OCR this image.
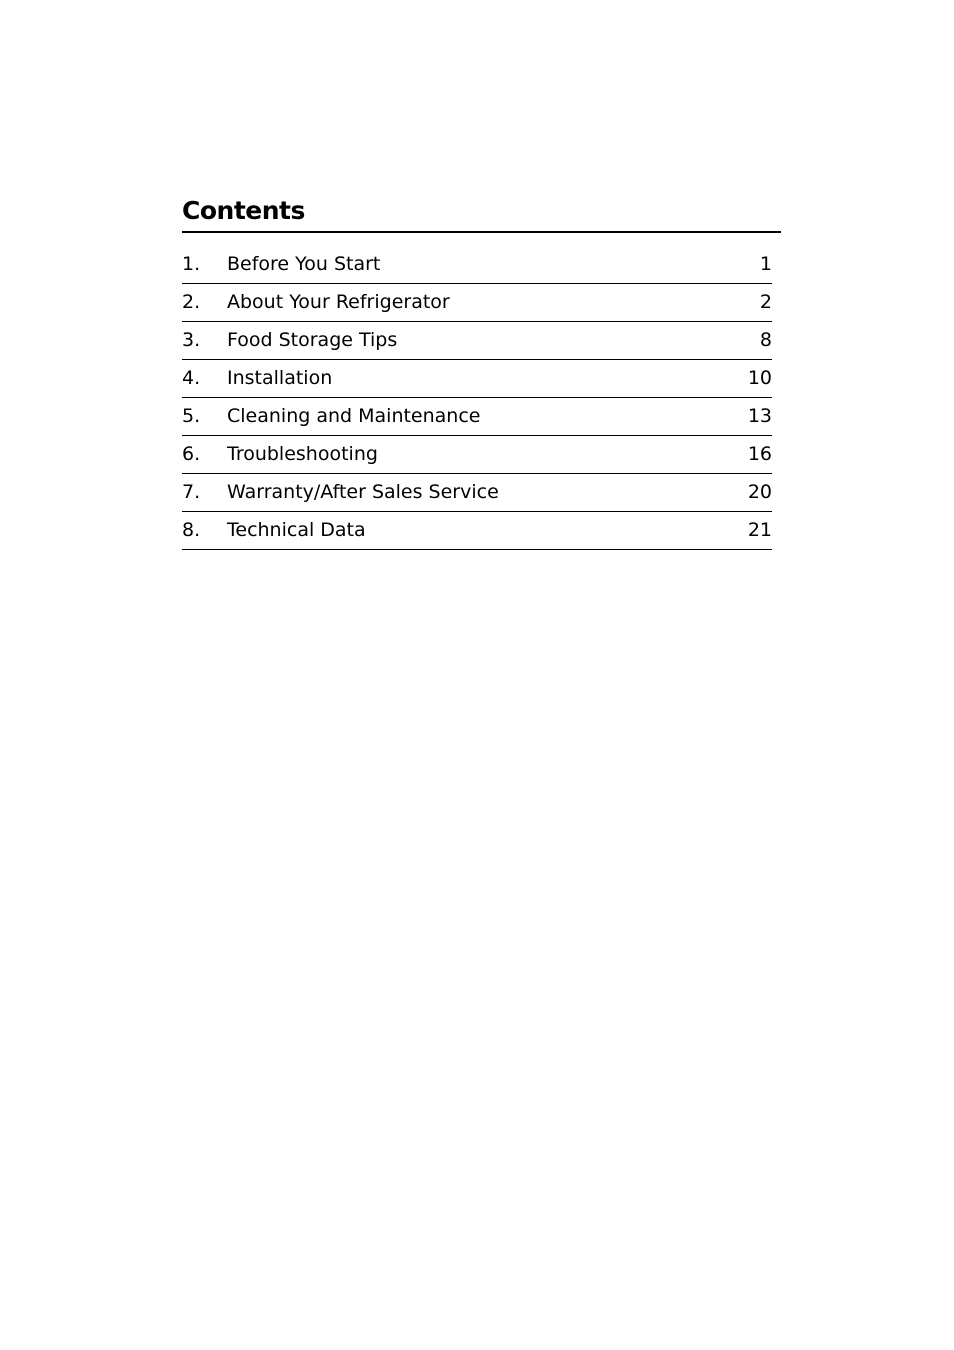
Contents
1.	Before You Start	1
2.	About Your Refrigerator	2
3.	Food Storage Tips	8
4.	Installation	10
5.	Cleaning and Maintenance	13
6.	Troubleshooting	16
7.	Warranty/After Sales Service	20
8.	Technical Data	21
